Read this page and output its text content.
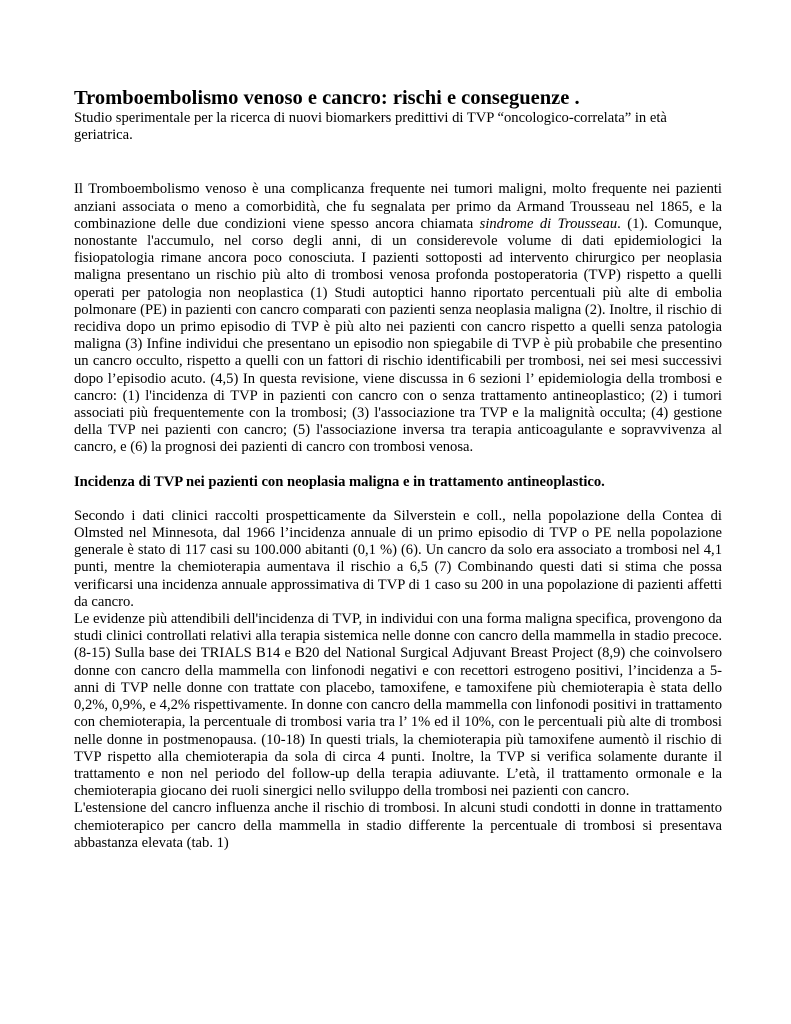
Tromboembolismo venoso e cancro: rischi e conseguenze .

Studio sperimentale per la ricerca di nuovi biomarkers predittivi di TVP “oncologico-correlata” in età geriatrica.

Il Tromboembolismo venoso è una complicanza frequente nei tumori maligni, molto frequente nei pazienti anziani associata o meno a comorbidità, che fu segnalata per primo da Armand Trousseau nel 1865, e la combinazione delle due condizioni viene spesso ancora chiamata sindrome di Trousseau. (1). Comunque, nonostante l'accumulo, nel corso degli anni, di un considerevole volume di dati epidemiologici la fisiopatologia rimane ancora poco conosciuta. I pazienti sottoposti ad intervento chirurgico per neoplasia maligna presentano un rischio più alto di trombosi venosa profonda postoperatoria (TVP) rispetto a quelli operati per patologia non neoplastica (1) Studi autoptici hanno riportato percentuali più alte di embolia polmonare (PE) in pazienti con cancro comparati con pazienti senza neoplasia maligna (2). Inoltre, il rischio di recidiva dopo un primo episodio di TVP è più alto nei pazienti con cancro rispetto a quelli senza patologia maligna (3) Infine individui che presentano un episodio non spiegabile di TVP è più probabile che presentino un cancro occulto, rispetto a quelli con un fattori di rischio identificabili per trombosi, nei sei mesi successivi dopo l’episodio acuto. (4,5) In questa revisione, viene discussa in 6 sezioni l’ epidemiologia della trombosi e cancro: (1) l'incidenza di TVP in pazienti con cancro con o senza trattamento antineoplastico; (2) i tumori associati più frequentemente con la trombosi; (3) l'associazione tra TVP e la malignità occulta; (4) gestione della TVP nei pazienti con cancro; (5) l'associazione inversa tra terapia anticoagulante e sopravvivenza al cancro, e (6) la prognosi dei pazienti di cancro con trombosi venosa.

Incidenza di TVP nei pazienti con neoplasia maligna e in trattamento antineoplastico.

Secondo i dati clinici raccolti prospetticamente da Silverstein e coll., nella popolazione della Contea di Olmsted nel Minnesota, dal 1966 l’incidenza annuale di un primo episodio di TVP o PE nella popolazione generale è stato di 117 casi su 100.000 abitanti (0,1 %) (6). Un cancro da solo era associato a trombosi nel 4,1 punti, mentre la chemioterapia aumentava il rischio a 6,5 (7) Combinando questi dati si stima che possa verificarsi una incidenza annuale approssimativa di TVP di 1 caso su 200 in una popolazione di pazienti affetti da cancro.

Le evidenze più attendibili dell'incidenza di TVP, in individui con una forma maligna specifica, provengono da studi clinici controllati relativi alla terapia sistemica nelle donne con cancro della mammella in stadio precoce. (8-15) Sulla base dei TRIALS B14 e B20 del National Surgical Adjuvant Breast Project (8,9) che coinvolsero donne con cancro della mammella con linfonodi negativi e con recettori estrogeno positivi, l’incidenza a 5-anni di TVP nelle donne con trattate con placebo, tamoxifene, e tamoxifene più chemioterapia è stata dello 0,2%, 0,9%, e 4,2% rispettivamente. In donne con cancro della mammella con linfonodi positivi in trattamento con chemioterapia, la percentuale di trombosi varia tra l’ 1% ed il 10%, con le percentuali più alte di trombosi nelle donne in postmenopausa. (10-18) In questi trials, la chemioterapia più tamoxifene aumentò il rischio di TVP rispetto alla chemioterapia da sola di circa 4 punti. Inoltre, la TVP si verifica solamente durante il trattamento e non nel periodo del follow-up della terapia adiuvante. L’età, il trattamento ormonale e la chemioterapia giocano dei ruoli sinergici nello sviluppo della trombosi nei pazienti con cancro.

L'estensione del cancro influenza anche il rischio di trombosi. In alcuni studi condotti in donne in trattamento chemioterapico per cancro della mammella in stadio differente la percentuale di trombosi si presentava abbastanza elevata (tab. 1)
